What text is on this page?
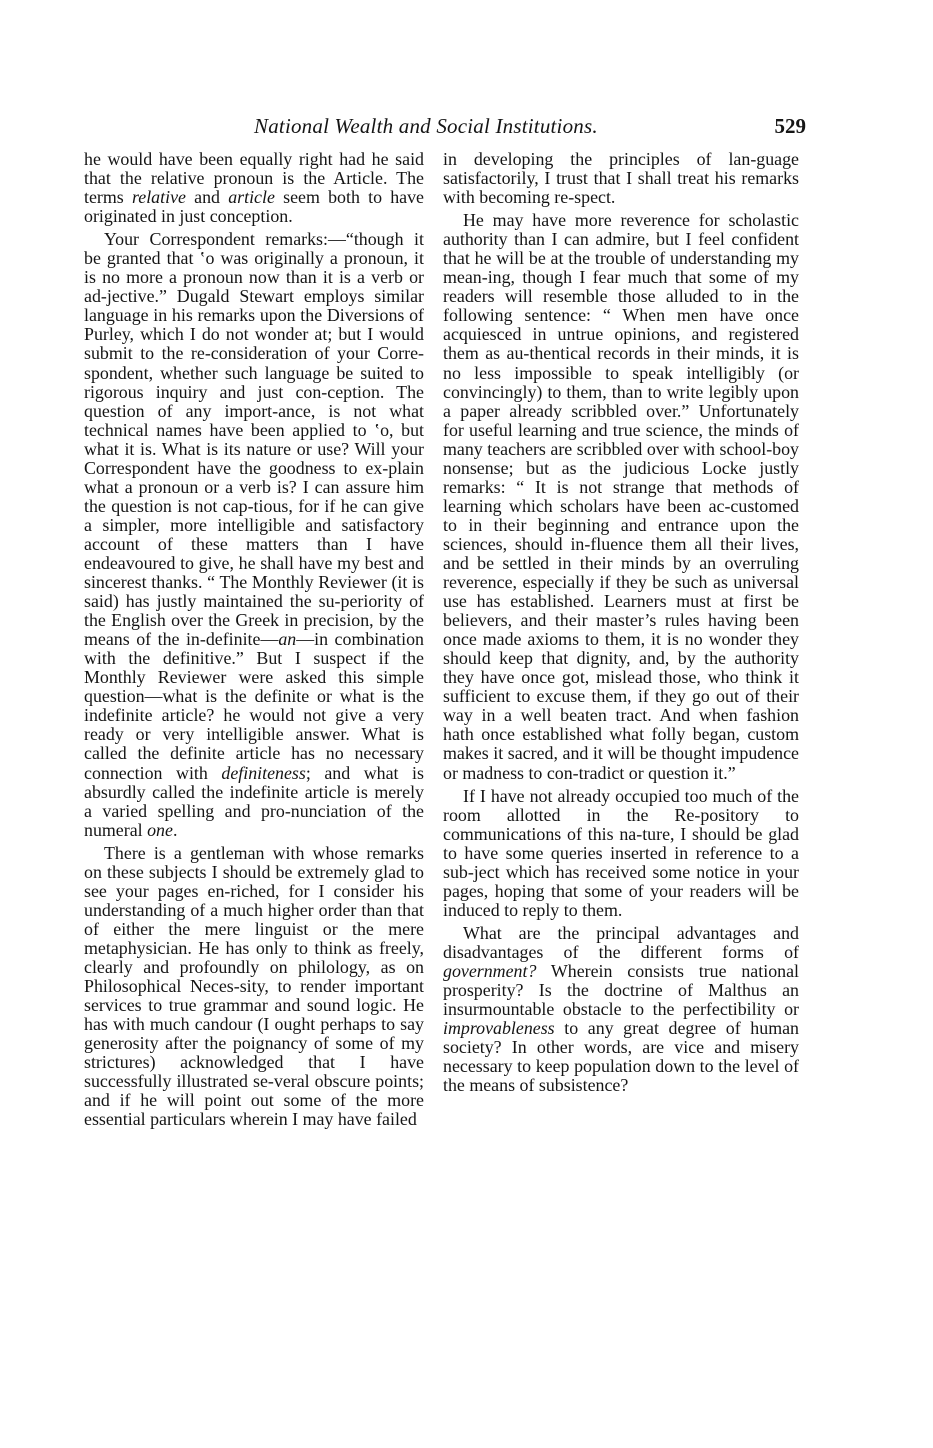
National Wealth and Social Institutions.	529

he would have been equally right had he said that the relative pronoun is the Article. The terms relative and article seem both to have originated in just conception.

Your Correspondent remarks:—“though it be granted that ‛o was originally a pronoun, it is no more a pronoun now than it is a verb or ad-jective.” Dugald Stewart employs similar language in his remarks upon the Diversions of Purley, which I do not wonder at; but I would submit to the re-consideration of your Corre-spondent, whether such language be suited to rigorous inquiry and just con-ception. The question of any import-ance, is not what technical names have been applied to ‛o, but what it is. What is its nature or use? Will your Correspondent have the goodness to ex-plain what a pronoun or a verb is? I can assure him the question is not cap-tious, for if he can give a simpler, more intelligible and satisfactory account of these matters than I have endeavoured to give, he shall have my best and sincerest thanks. “ The Monthly Reviewer (it is said) has justly maintained the su-periority of the English over the Greek in precision, by the means of the in-definite—an—in combination with the definitive.” But I suspect if the Monthly Reviewer were asked this simple question—what is the definite or what is the indefinite article? he would not give a very ready or very intelligible answer. What is called the definite article has no necessary connection with definiteness; and what is absurdly called the indefinite article is merely a varied spelling and pro-nunciation of the numeral one.

There is a gentleman with whose remarks on these subjects I should be extremely glad to see your pages en-riched, for I consider his understanding of a much higher order than that of either the mere linguist or the mere metaphysician. He has only to think as freely, clearly and profoundly on philology, as on Philosophical Neces-sity, to render important services to true grammar and sound logic. He has with much candour (I ought perhaps to say generosity after the poignancy of some of my strictures) acknowledged that I have successfully illustrated se-veral obscure points; and if he will point out some of the more essential particulars wherein I may have failed

in developing the principles of lan-guage satisfactorily, I trust that I shall treat his remarks with becoming re-spect.

He may have more reverence for scholastic authority than I can admire, but I feel confident that he will be at the trouble of understanding my mean-ing, though I fear much that some of my readers will resemble those alluded to in the following sentence: “ When men have once acquiesced in untrue opinions, and registered them as au-thentical records in their minds, it is no less impossible to speak intelligibly (or convincingly) to them, than to write legibly upon a paper already scribbled over.” Unfortunately for useful learning and true science, the minds of many teachers are scribbled over with school-boy nonsense; but as the judicious Locke justly remarks: “ It is not strange that methods of learning which scholars have been ac-customed to in their beginning and entrance upon the sciences, should in-fluence them all their lives, and be settled in their minds by an overruling reverence, especially if they be such as universal use has established. Learners must at first be believers, and their master’s rules having been once made axioms to them, it is no wonder they should keep that dignity, and, by the authority they have once got, mislead those, who think it sufficient to excuse them, if they go out of their way in a well beaten tract. And when fashion hath once established what folly began, custom makes it sacred, and it will be thought impudence or madness to con-tradict or question it.”

If I have not already occupied too much of the room allotted in the Re-pository to communications of this na-ture, I should be glad to have some queries inserted in reference to a sub-ject which has received some notice in your pages, hoping that some of your readers will be induced to reply to them.

What are the principal advantages and disadvantages of the different forms of government? Wherein consists true national prosperity? Is the doctrine of Malthus an insurmountable obstacle to the perfectibility or improvableness to any great degree of human society? In other words, are vice and misery necessary to keep population down to the level of the means of subsistence?
